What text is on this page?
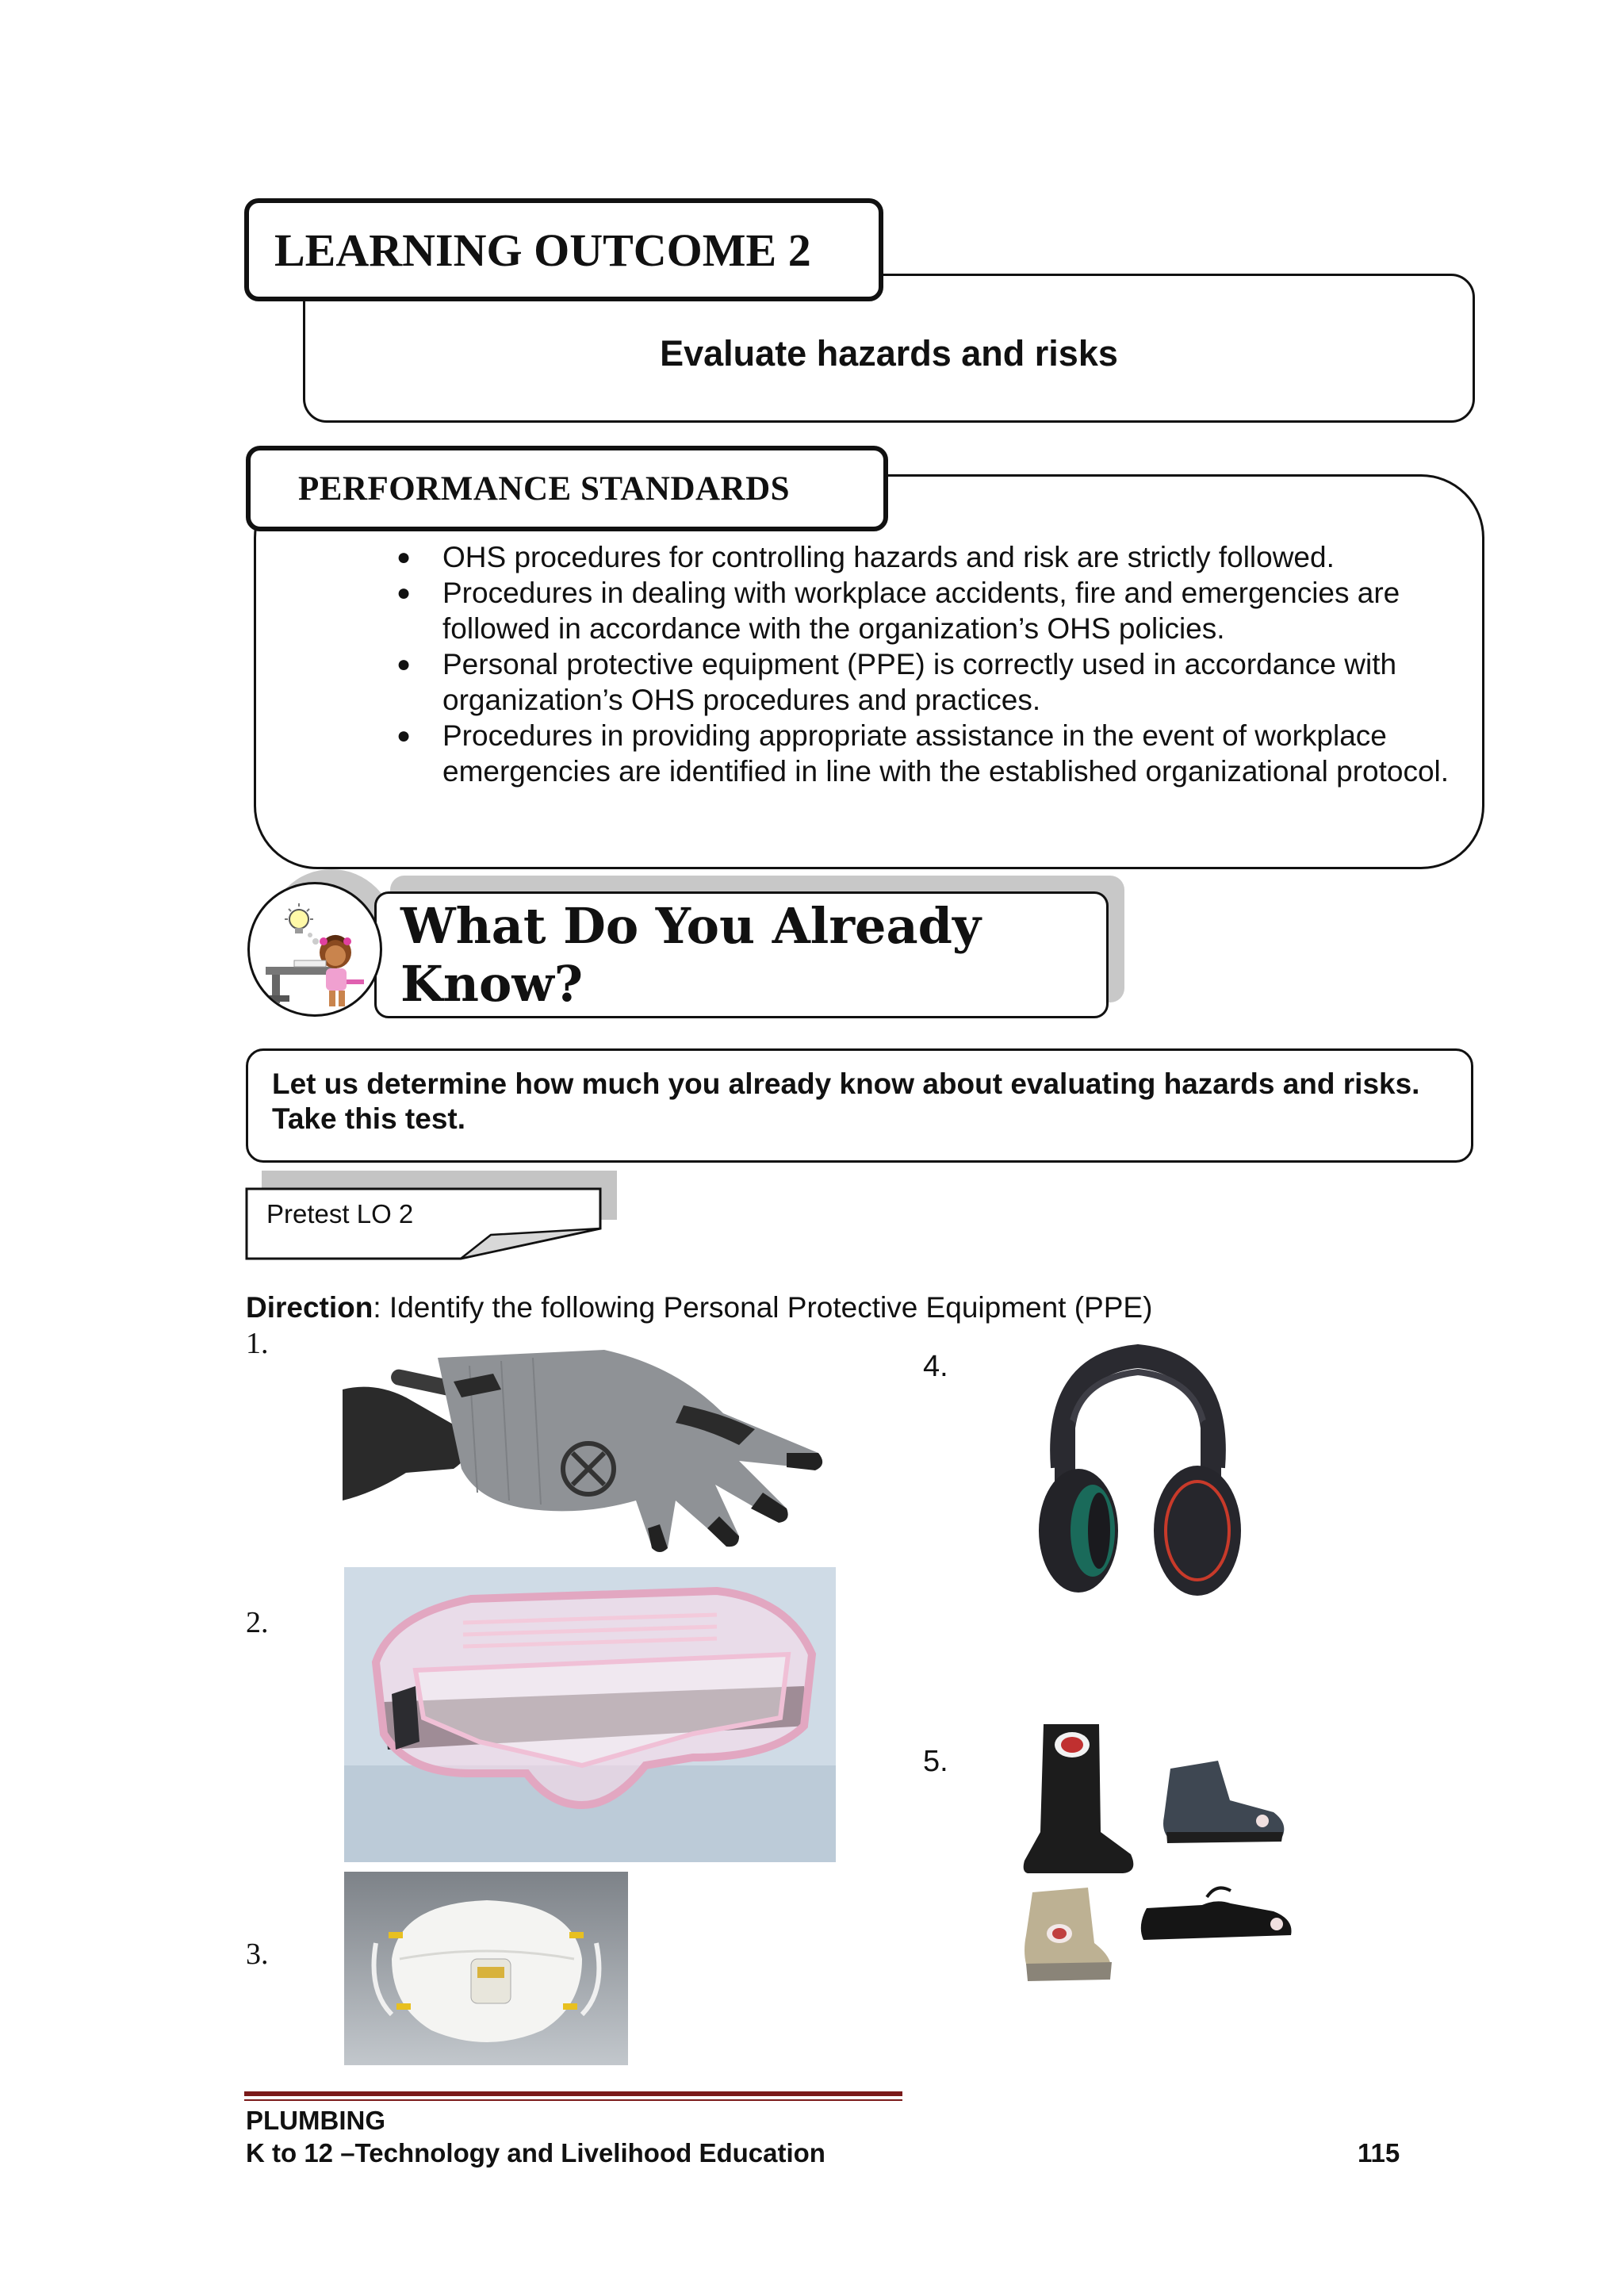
LEARNING OUTCOME 2
Evaluate hazards and risks
PERFORMANCE STANDARDS
● OHS procedures for controlling hazards and risk are strictly followed.
● Procedures in dealing with workplace accidents, fire and emergencies are followed in accordance with the organization’s OHS policies.
● Personal protective equipment (PPE) is correctly used in accordance with organization’s OHS procedures and practices.
● Procedures in providing appropriate assistance in the event of workplace emergencies are identified in line with the established organizational protocol.
What Do You Already Know?
Let us determine how much you already know about evaluating hazards and risks.
Take this test.
Pretest LO 2
Direction: Identify the following Personal Protective Equipment (PPE)
1.
2.
3.
4.
5.
PLUMBING
K to 12 –Technology and Livelihood Education	115
